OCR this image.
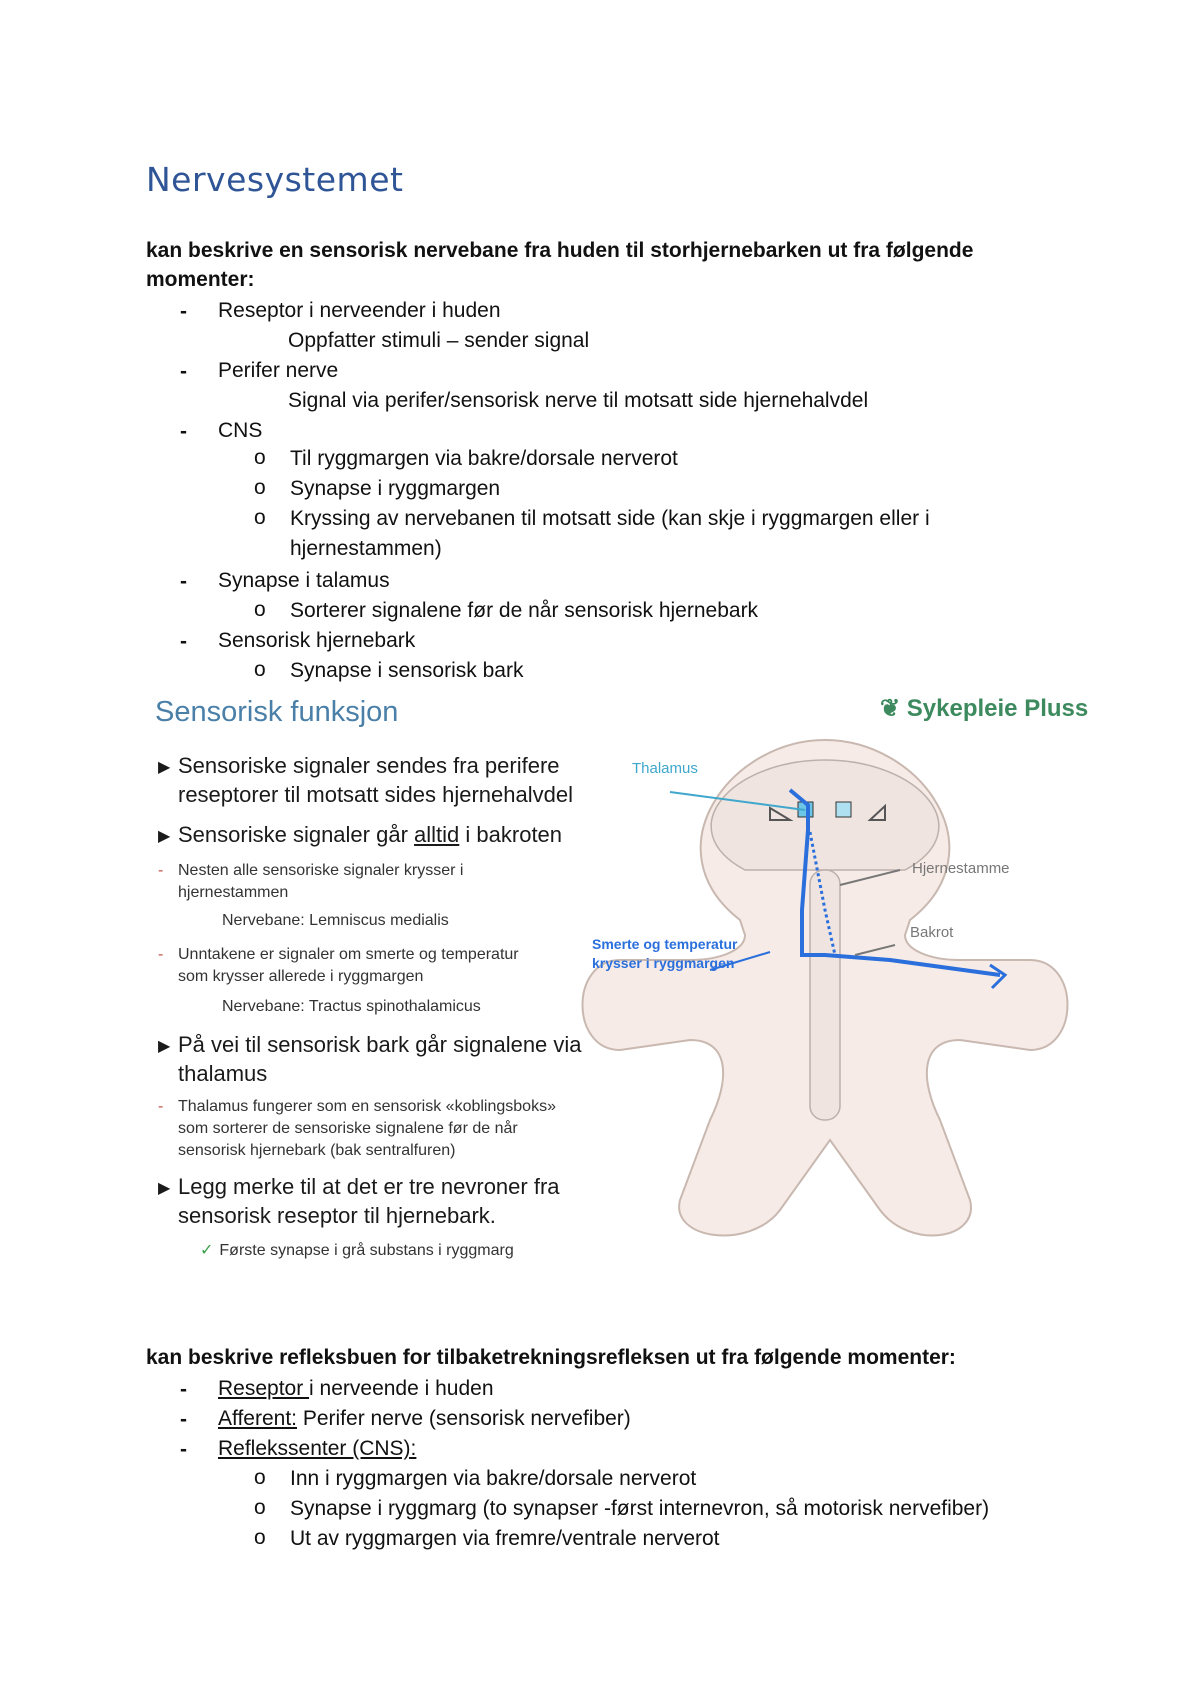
Nervesystemet
kan beskrive en sensorisk nervebane fra huden til storhjernebarken ut fra følgende
momenter:
- Reseptor i nerveender i huden
Oppfatter stimuli – sender signal
- Perifer nerve
Signal via perifer/sensorisk nerve til motsatt side hjernehalvdel
- CNS
o Til ryggmargen via bakre/dorsale nerverot
o Synapse i ryggmargen
o Kryssing av nervebanen til motsatt side (kan skje i ryggmargen eller i
hjernestammen)
- Synapse i talamus
o Sorterer signalene før de når sensorisk hjernebark
- Sensorisk hjernebark
o Synapse i sensorisk bark
Sensorisk funksjon	❦ Sykepleie Pluss
▶ Sensoriske signaler sendes fra perifere
reseptorer til motsatt sides hjernehalvdel
▶ Sensoriske signaler går alltid i bakroten
- Nesten alle sensoriske signaler krysser i
hjernestammen
Nervebane: Lemniscus medialis
- Unntakene er signaler om smerte og temperatur
som krysser allerede i ryggmargen
Nervebane: Tractus spinothalamicus
▶ På vei til sensorisk bark går signalene via
thalamus
- Thalamus fungerer som en sensorisk «koblingsboks»
som sorterer de sensoriske signalene før de når
sensorisk hjernebark (bak sentralfuren)
▶ Legg merke til at det er tre nevroner fra
sensorisk reseptor til hjernebark.
✓ Første synapse i grå substans i ryggmarg
Thalamus
Hjernestamme
Bakrot
Smerte og temperatur
krysser i ryggmargen
kan beskrive refleksbuen for tilbaketrekningsrefleksen ut fra følgende momenter:
- Reseptor i nerveende i huden
- Afferent: Perifer nerve (sensorisk nervefiber)
- Reflekssenter (CNS):
o Inn i ryggmargen via bakre/dorsale nerverot
o Synapse i ryggmarg (to synapser -først internevron, så motorisk nervefiber)
o Ut av ryggmargen via fremre/ventrale nerverot
